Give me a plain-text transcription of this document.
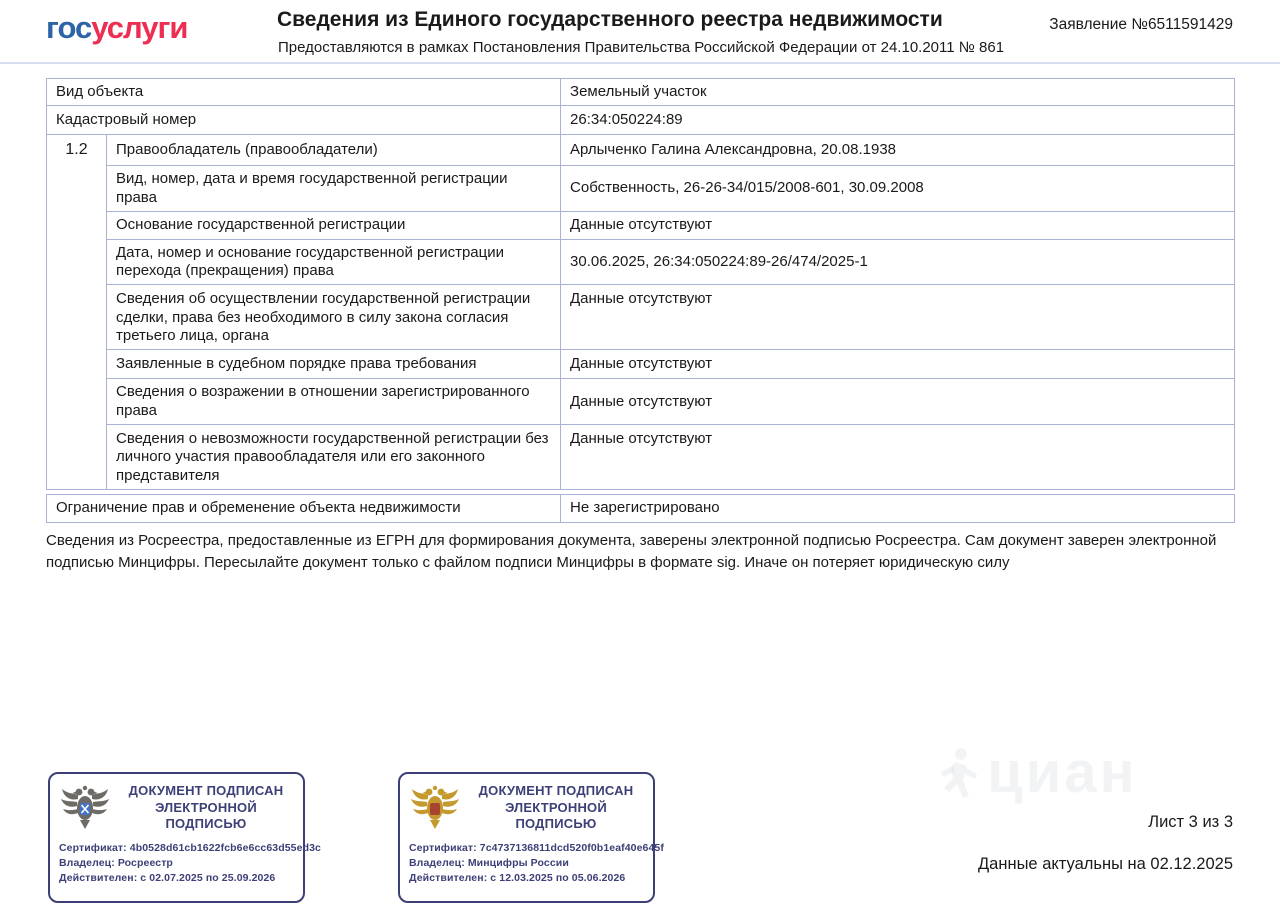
госуслуги	Сведения из Единого государственного реестра недвижимости
Предоставляются в рамках Постановления Правительства Российской Федерации от 24.10.2011 № 861
Заявление №6511591429
Вид объекта		Земельный участок
Кадастровый номер		26:34:050224:89
1.2	Правообладатель (правообладатели)	Арлыченко Галина Александровна, 20.08.1938
	Вид, номер, дата и время государственной регистрации права	Собственность, 26-26-34/015/2008-601, 30.09.2008
	Основание государственной регистрации	Данные отсутствуют
	Дата, номер и основание государственной регистрации перехода (прекращения) права	30.06.2025, 26:34:050224:89-26/474/2025-1
	Сведения об осуществлении государственной регистрации сделки, права без необходимого в силу закона согласия третьего лица, органа	Данные отсутствуют
	Заявленные в судебном порядке права требования	Данные отсутствуют
	Сведения о возражении в отношении зарегистрированного права	Данные отсутствуют
	Сведения о невозможности государственной регистрации без личного участия правообладателя или его законного представителя	Данные отсутствуют
Ограничение прав и обременение объекта недвижимости	Не зарегистрировано
Сведения из Росреестра, предоставленные из ЕГРН для формирования документа, заверены электронной подписью Росреестра. Сам документ заверен электронной подписью Минцифры. Пересылайте документ только с файлом подписи Минцифры в формате sig. Иначе он потеряет юридическую силу
циан
ДОКУМЕНТ ПОДПИСАН ЭЛЕКТРОННОЙ ПОДПИСЬЮ
Сертификат: 4b0528d61cb1622fcb6e6cc63d55ed3c
Владелец: Росреестр
Действителен: с 02.07.2025 по 25.09.2026
ДОКУМЕНТ ПОДПИСАН ЭЛЕКТРОННОЙ ПОДПИСЬЮ
Сертификат: 7c4737136811dcd520f0b1eaf40e645f
Владелец: Минцифры России
Действителен: с 12.03.2025 по 05.06.2026
Лист 3 из 3
Данные актуальны на 02.12.2025
